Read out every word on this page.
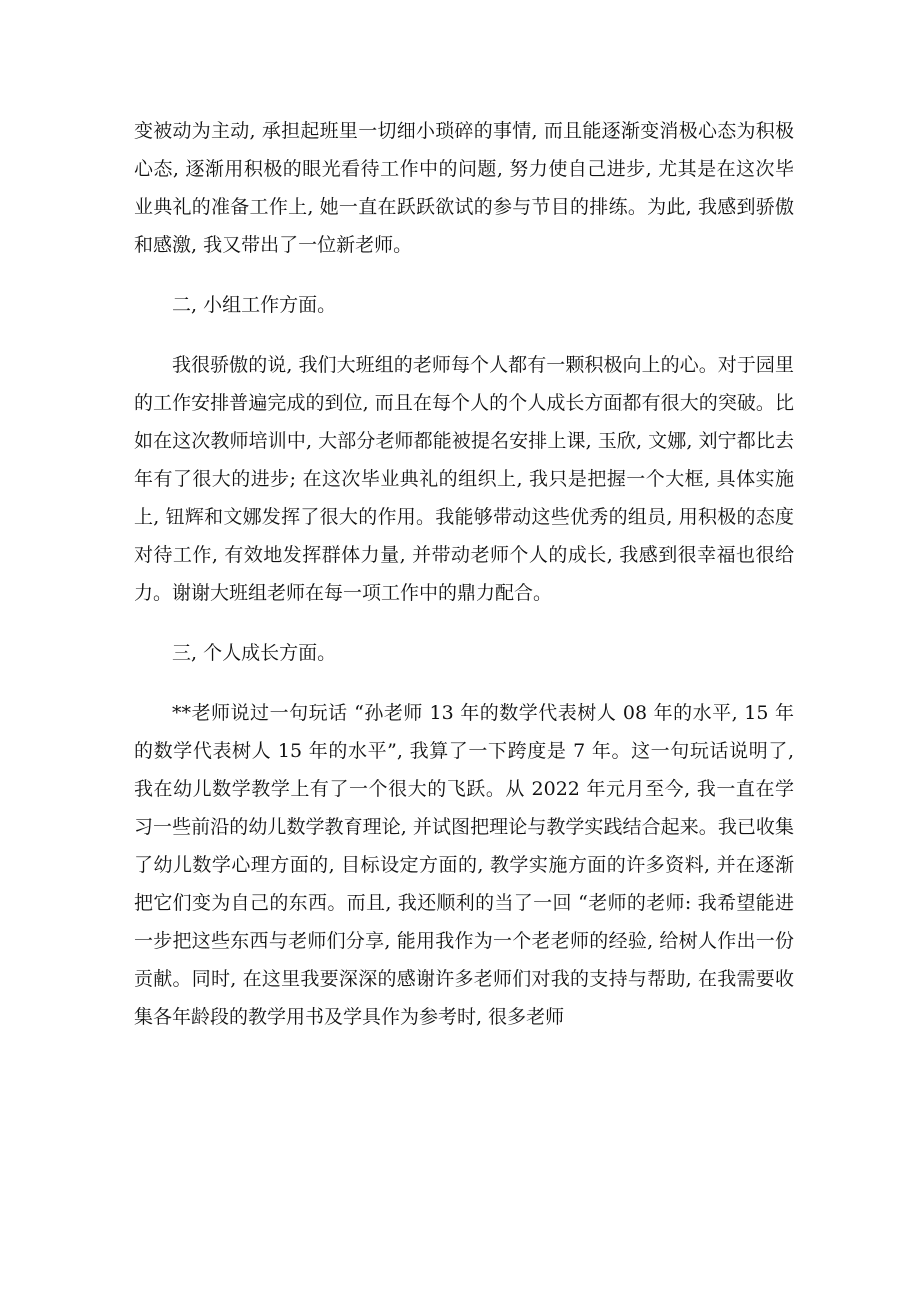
变被动为主动, 承担起班里一切细小琐碎的事情, 而且能逐渐变消极心态为积极心态, 逐渐用积极的眼光看待工作中的问题, 努力使自己进步, 尤其是在这次毕业典礼的准备工作上, 她一直在跃跃欲试的参与节目的排练。为此, 我感到骄傲和感激, 我又带出了一位新老师。

二, 小组工作方面。

我很骄傲的说, 我们大班组的老师每个人都有一颗积极向上的心。对于园里的工作安排普遍完成的到位, 而且在每个人的个人成长方面都有很大的突破。比如在这次教师培训中, 大部分老师都能被提名安排上课, 玉欣, 文娜, 刘宁都比去年有了很大的进步; 在这次毕业典礼的组织上, 我只是把握一个大框, 具体实施上, 钮辉和文娜发挥了很大的作用。我能够带动这些优秀的组员, 用积极的态度对待工作, 有效地发挥群体力量, 并带动老师个人的成长, 我感到很幸福也很给力。谢谢大班组老师在每一项工作中的鼎力配合。

三, 个人成长方面。

**老师说过一句玩话 “孙老师 13 年的数学代表树人 08 年的水平, 15 年的数学代表树人 15 年的水平”, 我算了一下跨度是 7 年。这一句玩话说明了, 我在幼儿数学教学上有了一个很大的飞跃。从 2022 年元月至今, 我一直在学习一些前沿的幼儿数学教育理论, 并试图把理论与教学实践结合起来。我已收集了幼儿数学心理方面的, 目标设定方面的, 教学实施方面的许多资料, 并在逐渐把它们变为自己的东西。而且, 我还顺利的当了一回 “老师的老师: 我希望能进一步把这些东西与老师们分享, 能用我作为一个老老师的经验, 给树人作出一份贡献。同时, 在这里我要深深的感谢许多老师们对我的支持与帮助, 在我需要收集各年龄段的教学用书及学具作为参考时, 很多老师
